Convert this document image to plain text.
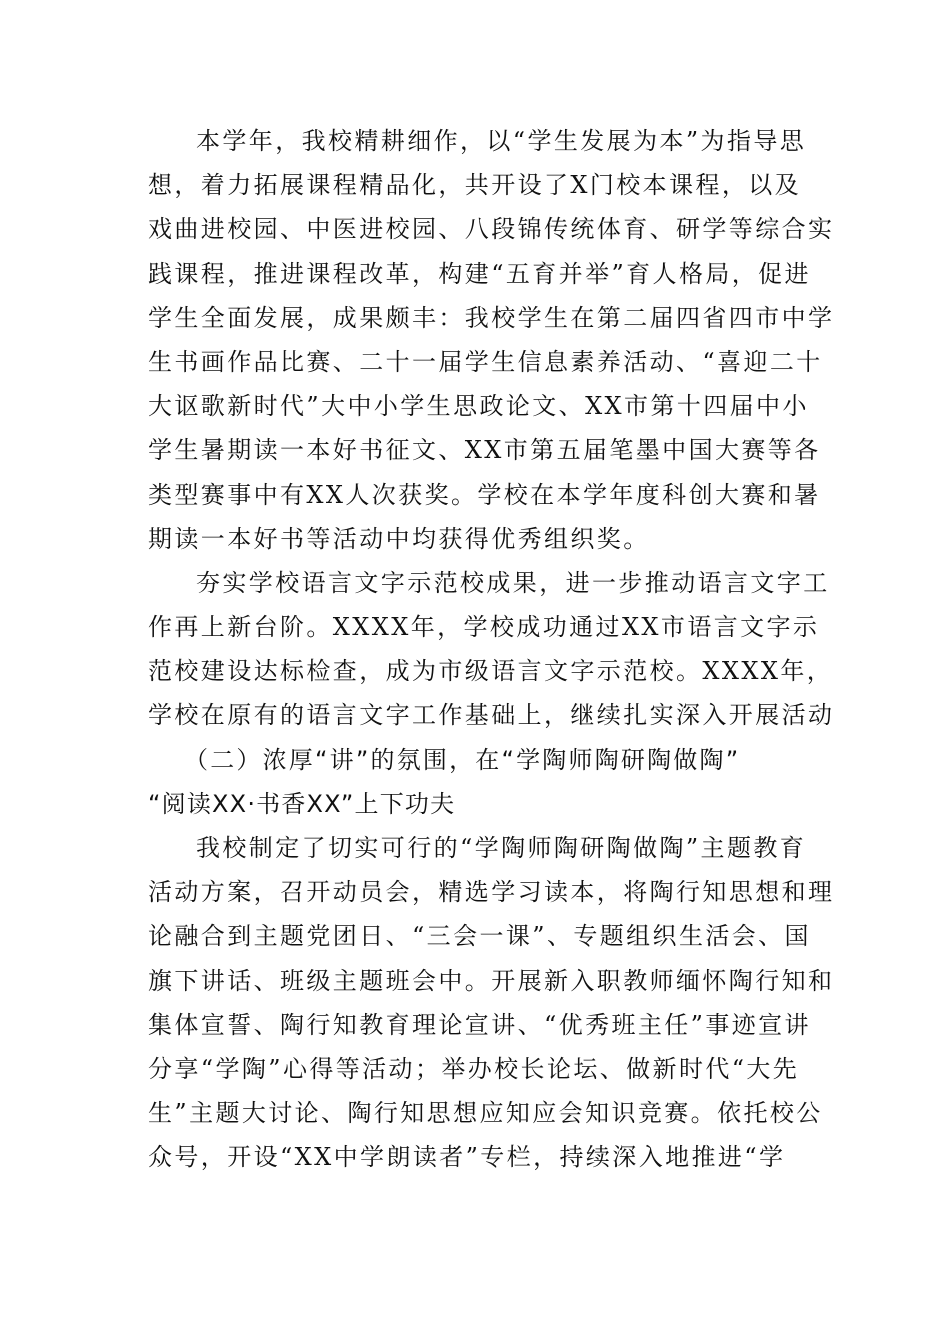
本学年，我校精耕细作，以“学生发展为本”为指导思
想，着力拓展课程精品化，共开设了X门校本课程，以及
戏曲进校园、中医进校园、八段锦传统体育、研学等综合实
践课程，推进课程改革，构建“五育并举”育人格局，促进
学生全面发展，成果颇丰：我校学生在第二届四省四市中学
生书画作品比赛、二十一届学生信息素养活动、“喜迎二十
大讴歌新时代”大中小学生思政论文、XX市第十四届中小
学生暑期读一本好书征文、XX市第五届笔墨中国大赛等各
类型赛事中有XX人次获奖。学校在本学年度科创大赛和暑
期读一本好书等活动中均获得优秀组织奖。
夯实学校语言文字示范校成果，进一步推动语言文字工
作再上新台阶。XXXX年，学校成功通过XX市语言文字示
范校建设达标检查，成为市级语言文字示范校。XXXX年，
学校在原有的语言文字工作基础上，继续扎实深入开展活动
（二）浓厚“讲”的氛围，在“学陶师陶研陶做陶”
“阅读XX·书香XX”上下功夫
我校制定了切实可行的“学陶师陶研陶做陶”主题教育
活动方案，召开动员会，精选学习读本，将陶行知思想和理
论融合到主题党团日、“三会一课”、专题组织生活会、国
旗下讲话、班级主题班会中。开展新入职教师缅怀陶行知和
集体宣誓、陶行知教育理论宣讲、“优秀班主任”事迹宣讲
分享“学陶”心得等活动；举办校长论坛、做新时代“大先
生”主题大讨论、陶行知思想应知应会知识竞赛。依托校公
众号，开设“XX中学朗读者”专栏，持续深入地推进“学
